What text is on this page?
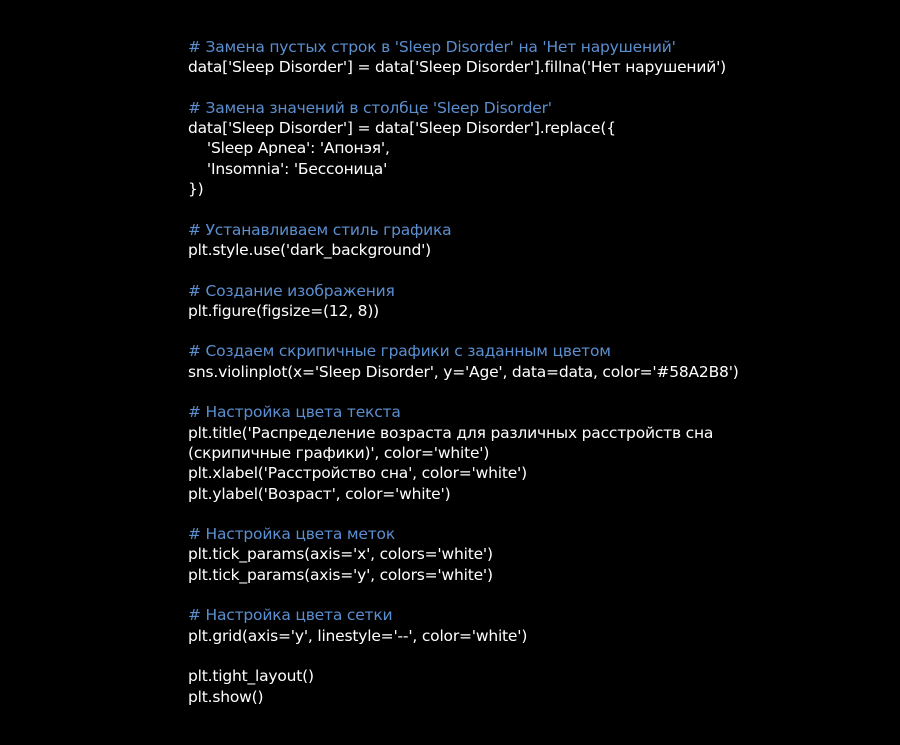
# Замена пустых строк в 'Sleep Disorder' на 'Нет нарушений'
data['Sleep Disorder'] = data['Sleep Disorder'].fillna('Нет нарушений')
# Замена значений в столбце 'Sleep Disorder'
data['Sleep Disorder'] = data['Sleep Disorder'].replace({
'Sleep Apnea': 'Апонэя',
'Insomnia': 'Бессоница'
})
# Устанавливаем стиль графика
plt.style.use('dark_background')
# Создание изображения
plt.figure(figsize=(12, 8))
# Создаем скрипичные графики с заданным цветом
sns.violinplot(x='Sleep Disorder', y='Age', data=data, color='#58A2B8')
# Настройка цвета текста
plt.title('Распределение возраста для различных расстройств сна
(скрипичные графики)', color='white')
plt.xlabel('Расстройство сна', color='white')
plt.ylabel('Возраст', color='white')
# Настройка цвета меток
plt.tick_params(axis='x', colors='white')
plt.tick_params(axis='y', colors='white')
# Настройка цвета сетки
plt.grid(axis='y', linestyle='--', color='white')
plt.tight_layout()
plt.show()
